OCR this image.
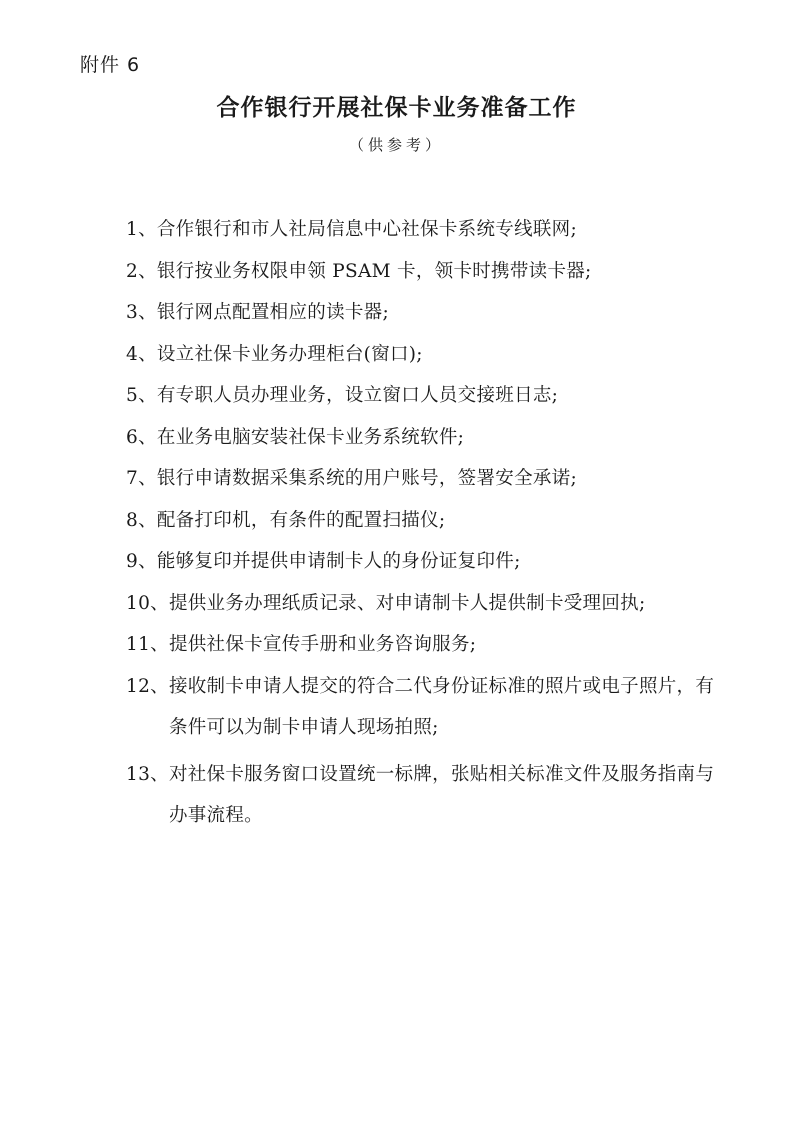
附件 6
合作银行开展社保卡业务准备工作
（供参考）
1、 合作银行和市人社局信息中心社保卡系统专线联网;
2、 银行按业务权限申领 PSAM 卡，领卡时携带读卡器;
3、 银行网点配置相应的读卡器;
4、 设立社保卡业务办理柜台(窗口);
5、 有专职人员办理业务，设立窗口人员交接班日志;
6、 在业务电脑安装社保卡业务系统软件;
7、 银行申请数据采集系统的用户账号，签署安全承诺;
8、 配备打印机，有条件的配置扫描仪;
9、 能够复印并提供申请制卡人的身份证复印件;
10、 提供业务办理纸质记录、对申请制卡人提供制卡受理回执;
11、 提供社保卡宣传手册和业务咨询服务;
12、 接收制卡申请人提交的符合二代身份证标准的照片或电子照片，有条件可以为制卡申请人现场拍照;
13、 对社保卡服务窗口设置统一标牌，张贴相关标准文件及服务指南与办事流程。
